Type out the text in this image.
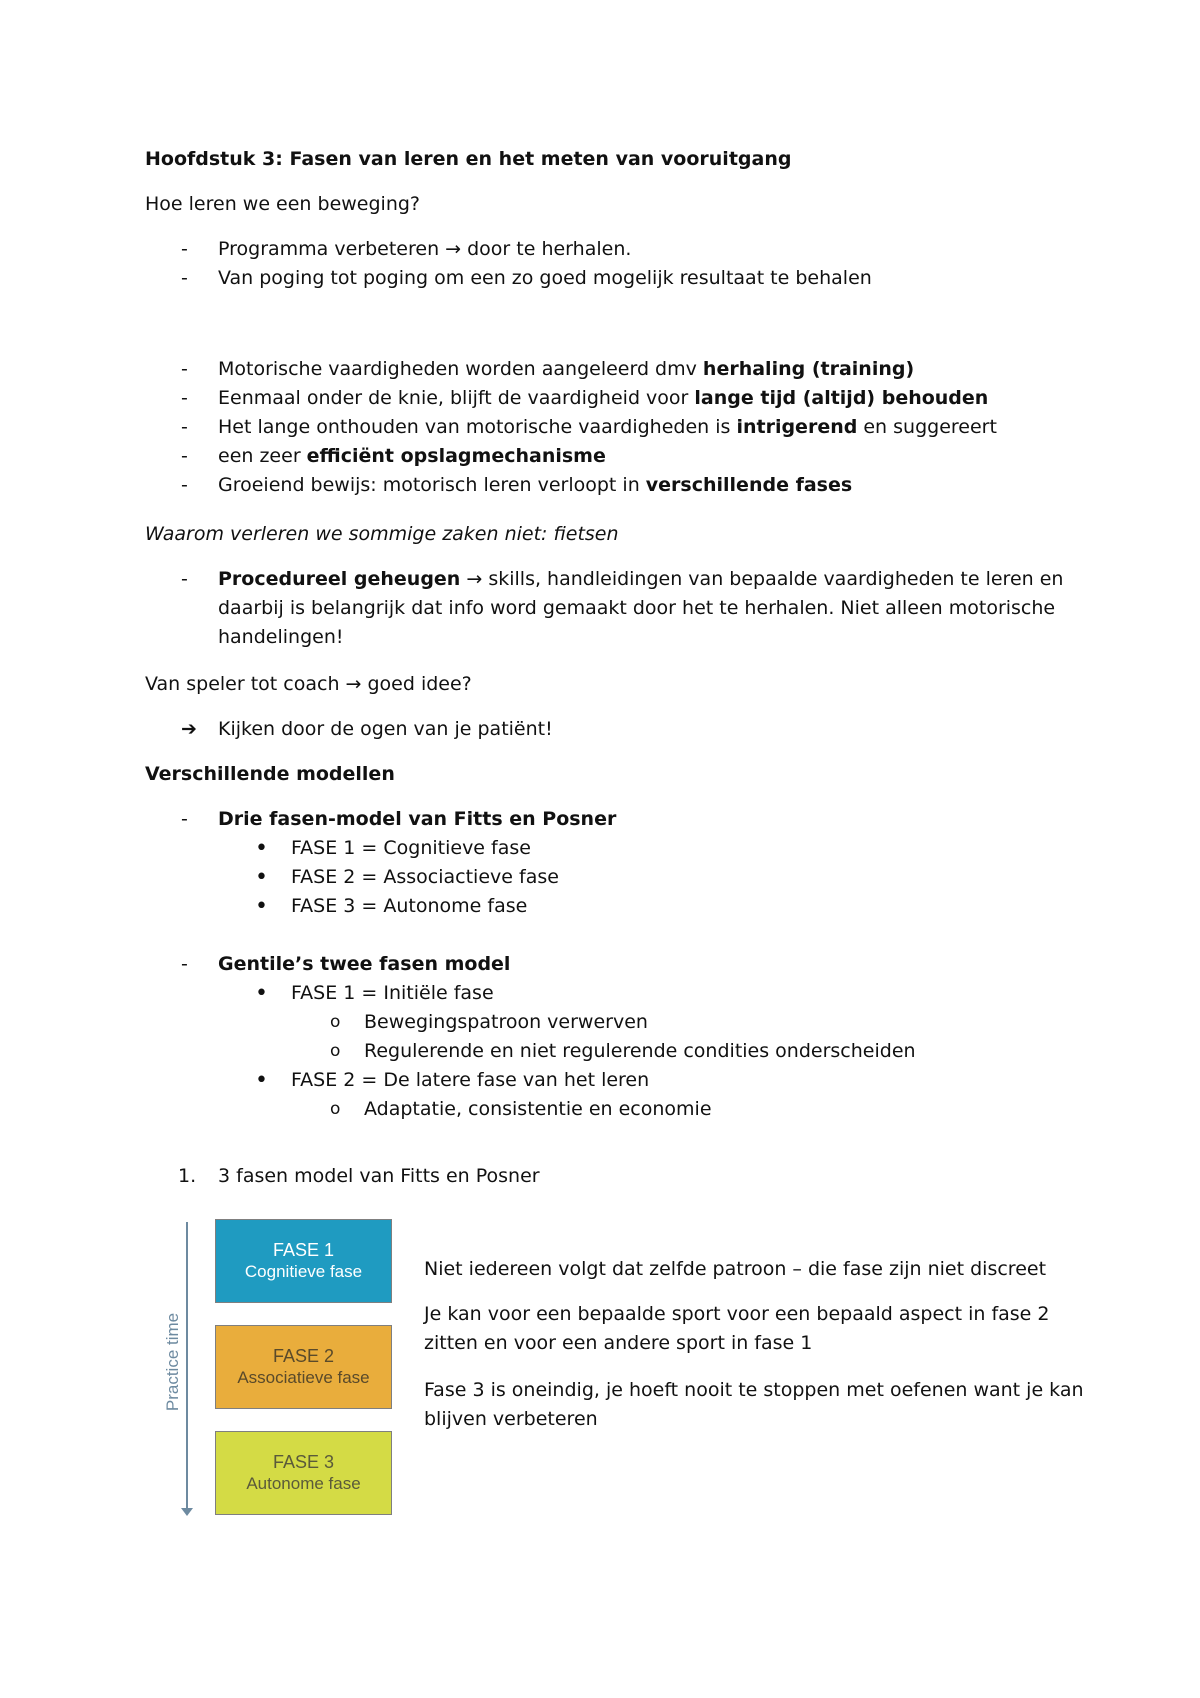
Hoofdstuk 3: Fasen van leren en het meten van vooruitgang
Hoe leren we een beweging?
- Programma verbeteren → door te herhalen.
- Van poging tot poging om een zo goed mogelijk resultaat te behalen
- Motorische vaardigheden worden aangeleerd dmv herhaling (training)
- Eenmaal onder de knie, blijft de vaardigheid voor lange tijd (altijd) behouden
- Het lange onthouden van motorische vaardigheden is intrigerend en suggereert
- een zeer efficiënt opslagmechanisme
- Groeiend bewijs: motorisch leren verloopt in verschillende fases
Waarom verleren we sommige zaken niet: fietsen
- Procedureel geheugen → skills, handleidingen van bepaalde vaardigheden te leren en
daarbij is belangrijk dat info word gemaakt door het te herhalen. Niet alleen motorische
handelingen!
Van speler tot coach → goed idee?
➔ Kijken door de ogen van je patiënt!
Verschillende modellen
- Drie fasen-model van Fitts en Posner
• FASE 1 = Cognitieve fase
• FASE 2 = Associactieve fase
• FASE 3 = Autonome fase
- Gentile’s twee fasen model
• FASE 1 = Initiële fase
o Bewegingspatroon verwerven
o Regulerende en niet regulerende condities onderscheiden
• FASE 2 = De latere fase van het leren
o Adaptatie, consistentie en economie
1. 3 fasen model van Fitts en Posner
Practice time
FASE 1
Cognitieve fase
FASE 2
Associatieve fase
FASE 3
Autonome fase
Niet iedereen volgt dat zelfde patroon – die fase zijn niet discreet
Je kan voor een bepaalde sport voor een bepaald aspect in fase 2
zitten en voor een andere sport in fase 1
Fase 3 is oneindig, je hoeft nooit te stoppen met oefenen want je kan
blijven verbeteren
